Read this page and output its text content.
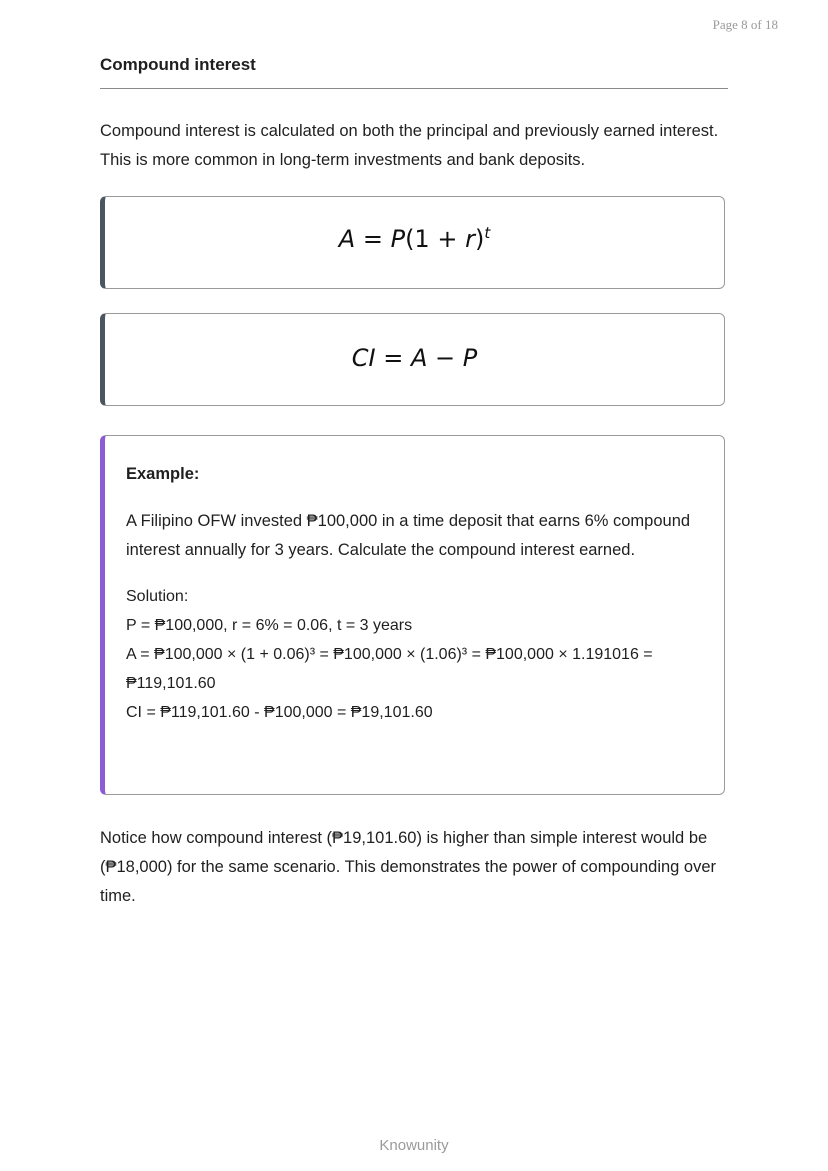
Page 8 of 18
Compound interest

Compound interest is calculated on both the principal and previously earned interest. This is more common in long-term investments and bank deposits.

$A = P(1 + r)^t$
CI = A − P

Example:

A Filipino OFW invested ₱100,000 in a time deposit that earns 6% compound interest annually for 3 years. Calculate the compound interest earned.

Solution:
P = ₱100,000, r = 6% = 0.06, t = 3 years
A = ₱100,000 × (1 + 0.06)³ = ₱100,000 × (1.06)³ = ₱100,000 × 1.191016 =
₱119,101.60
CI = ₱119,101.60 - ₱100,000 = ₱19,101.60

Notice how compound interest (₱19,101.60) is higher than simple interest would be (₱18,000) for the same scenario. This demonstrates the power of compounding over time.

Knowunity
